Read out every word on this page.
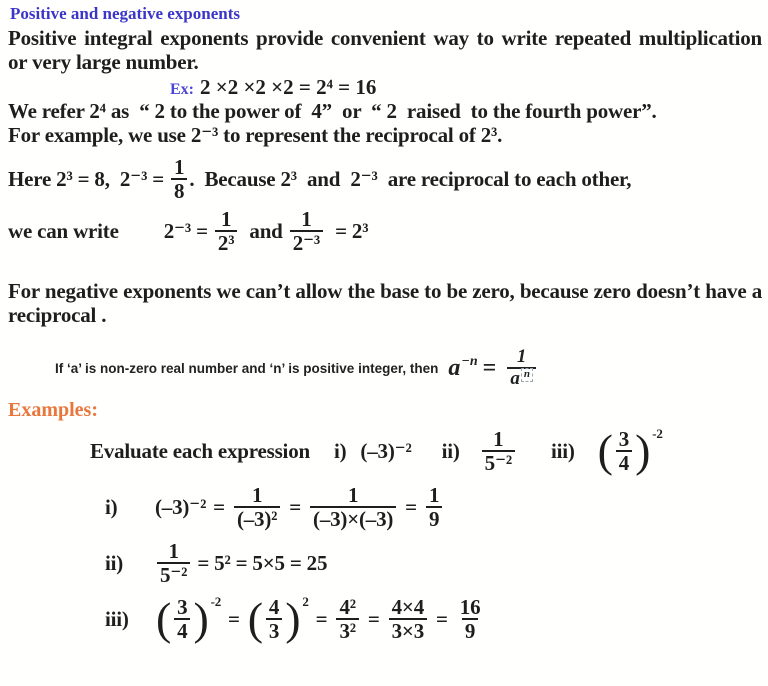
Positive and negative exponents
Positive integral exponents provide convenient way to write repeated multiplication or very large number.
Ex: 2 ×2 ×2 ×2 = 2⁴ = 16
We refer 2⁴ as  “ 2 to the power of  4”  or  “ 2  raised  to the fourth power”.
For example, we use 2⁻³ to represent the reciprocal of 2³.
Here 2³ = 8,  $2^{-3} = \frac{1}{8}$ .  Because 2³  and  2⁻³  are reciprocal to each other,
we can write $2^{-3} = \frac{1}{\text{2³}}$ and $\frac{1}{\text{2⁻³}} = 2^3$
For negative exponents we can’t allow the base to be zero, because zero doesn’t have a reciprocal .
If ‘a’ is non-zero real number and ‘n’ is positive integer, then $a -n = \frac{1}{\text{a n}}$
Examples:
Evaluate each expression i) (–3)⁻² $ii) \frac{1}{\text{5⁻²}} iii$) ( $\frac{3}{4}$ ) -2
i)	$(-3)^{-2} = \frac{1}{\text{(–3)²}} = \frac{1}{(-3)\times(-3)} = \frac{1}{9}$
ii)	$\frac{1}{\text{5⁻²}} = 5^2 = 5\times 5 = 25$
iii) ( $\frac{3}{4}$ ) -2
= ( $\frac{4}{3}$ ) 2
= $\frac{\text{4²}}{\text{3²}} = \frac{4\times 4}{3\times 3} = \frac{16}{9}$
